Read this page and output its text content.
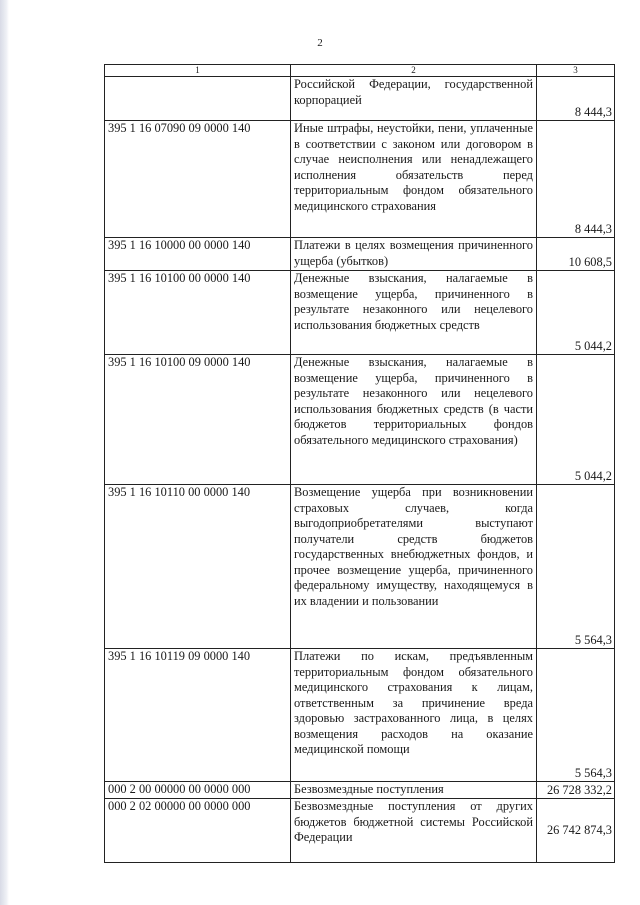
2
1	2	3
	Российской Федерации, государственной корпорацией	8 444,3
395 1 16 07090 09 0000 140	Иные штрафы, неустойки, пени, уплаченные в соответствии с законом или договором в случае неисполнения или ненадлежащего исполнения обязательств перед территориальным фондом обязательного медицинского страхования	8 444,3
395 1 16 10000 00 0000 140	Платежи в целях возмещения причиненного ущерба (убытков)	10 608,5
395 1 16 10100 00 0000 140	Денежные взыскания, налагаемые в возмещение ущерба, причиненного в результате незаконного или нецелевого использования бюджетных средств	5 044,2
395 1 16 10100 09 0000 140	Денежные взыскания, налагаемые в возмещение ущерба, причиненного в результате незаконного или нецелевого использования бюджетных средств (в части бюджетов территориальных фондов обязательного медицинского страхования)	5 044,2
395 1 16 10110 00 0000 140	Возмещение ущерба при возникновении страховых случаев, когда выгодоприобретателями выступают получатели средств бюджетов государственных внебюджетных фондов, и прочее возмещение ущерба, причиненного федеральному имуществу, находящемуся в их владении и пользовании	5 564,3
395 1 16 10119 09 0000 140	Платежи по искам, предъявленным территориальным фондом обязательного медицинского страхования к лицам, ответственным за причинение вреда здоровью застрахованного лица, в целях возмещения расходов на оказание медицинской помощи	5 564,3
000 2 00 00000 00 0000 000	Безвозмездные поступления	26 728 332,2
000 2 02 00000 00 0000 000	Безвозмездные поступления от других бюджетов бюджетной системы Российской Федерации	26 742 874,3
